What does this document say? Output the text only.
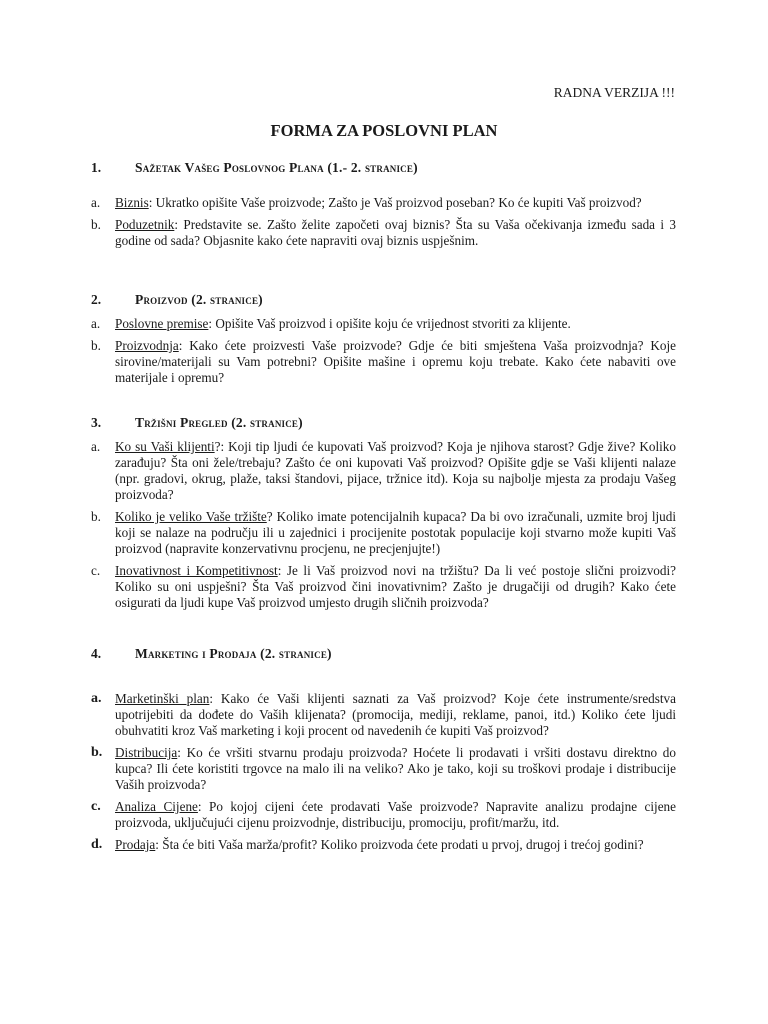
RADNA VERZIJA !!!
FORMA ZA POSLOVNI PLAN
1.	Sažetak Vašeg Poslovnog Plana (1.- 2. stranice)
a.	Biznis: Ukratko opišite Vaše proizvode; Zašto je Vaš proizvod poseban? Ko će kupiti Vaš proizvod?
b.	Poduzetnik: Predstavite se. Zašto želite započeti ovaj biznis? Šta su Vaša očekivanja između sada i 3 godine od sada? Objasnite kako ćete napraviti ovaj biznis uspješnim.
2.	Proizvod (2. stranice)
a.	Poslovne premise: Opišite Vaš proizvod i opišite koju će vrijednost stvoriti za klijente.
b.	Proizvodnja: Kako ćete proizvesti Vaše proizvode? Gdje će biti smještena Vaša proizvodnja? Koje sirovine/materijali su Vam potrebni? Opišite mašine i opremu koju trebate. Kako ćete nabaviti ove materijale i opremu?
3.	Tržišni Pregled (2. stranice)
a.	Ko su Vaši klijenti?: Koji tip ljudi će kupovati Vaš proizvod? Koja je njihova starost? Gdje žive? Koliko zarađuju? Šta oni žele/trebaju? Zašto će oni kupovati Vaš proizvod? Opišite gdje se Vaši klijenti nalaze (npr. gradovi, okrug, plaže, taksi štandovi, pijace, tržnice itd). Koja su najbolje mjesta za prodaju Vašeg proizvoda?
b.	Koliko je veliko Vaše tržište? Koliko imate potencijalnih kupaca? Da bi ovo izračunali, uzmite broj ljudi koji se nalaze na području ili u zajednici i procijenite postotak populacije koji stvarno može kupiti Vaš proizvod (napravite konzervativnu procjenu, ne precjenjujte!)
c.	Inovativnost i Kompetitivnost: Je li Vaš proizvod novi na tržištu? Da li već postoje slični proizvodi? Koliko su oni uspješni? Šta Vaš proizvod čini inovativnim? Zašto je drugačiji od drugih? Kako ćete osigurati da ljudi kupe Vaš proizvod umjesto drugih sličnih proizvoda?
4.	Marketing i Prodaja (2. stranice)
a.	Marketinški plan: Kako će Vaši klijenti saznati za Vaš proizvod? Koje ćete instrumente/sredstva upotrijebiti da dođete do Vaših klijenata? (promocija, mediji, reklame, panoi, itd.) Koliko ćete ljudi obuhvatiti kroz Vaš marketing i koji procent od navedenih će kupiti Vaš proizvod?
b. Distribucija: Ko će vršiti stvarnu prodaju proizvoda? Hoćete li prodavati i vršiti dostavu direktno do kupca? Ili ćete koristiti trgovce na malo ili na veliko? Ako je tako, koji su troškovi prodaje i distribucije Vaših proizvoda?
c.	Analiza Cijene: Po kojoj cijeni ćete prodavati Vaše proizvode? Napravite analizu prodajne cijene proizvoda, uključujući cijenu proizvodnje, distribuciju, promociju, profit/maržu, itd.
d. Prodaja: Šta će biti Vaša marža/profit? Koliko proizvoda ćete prodati u prvoj, drugoj i trećoj godini?
